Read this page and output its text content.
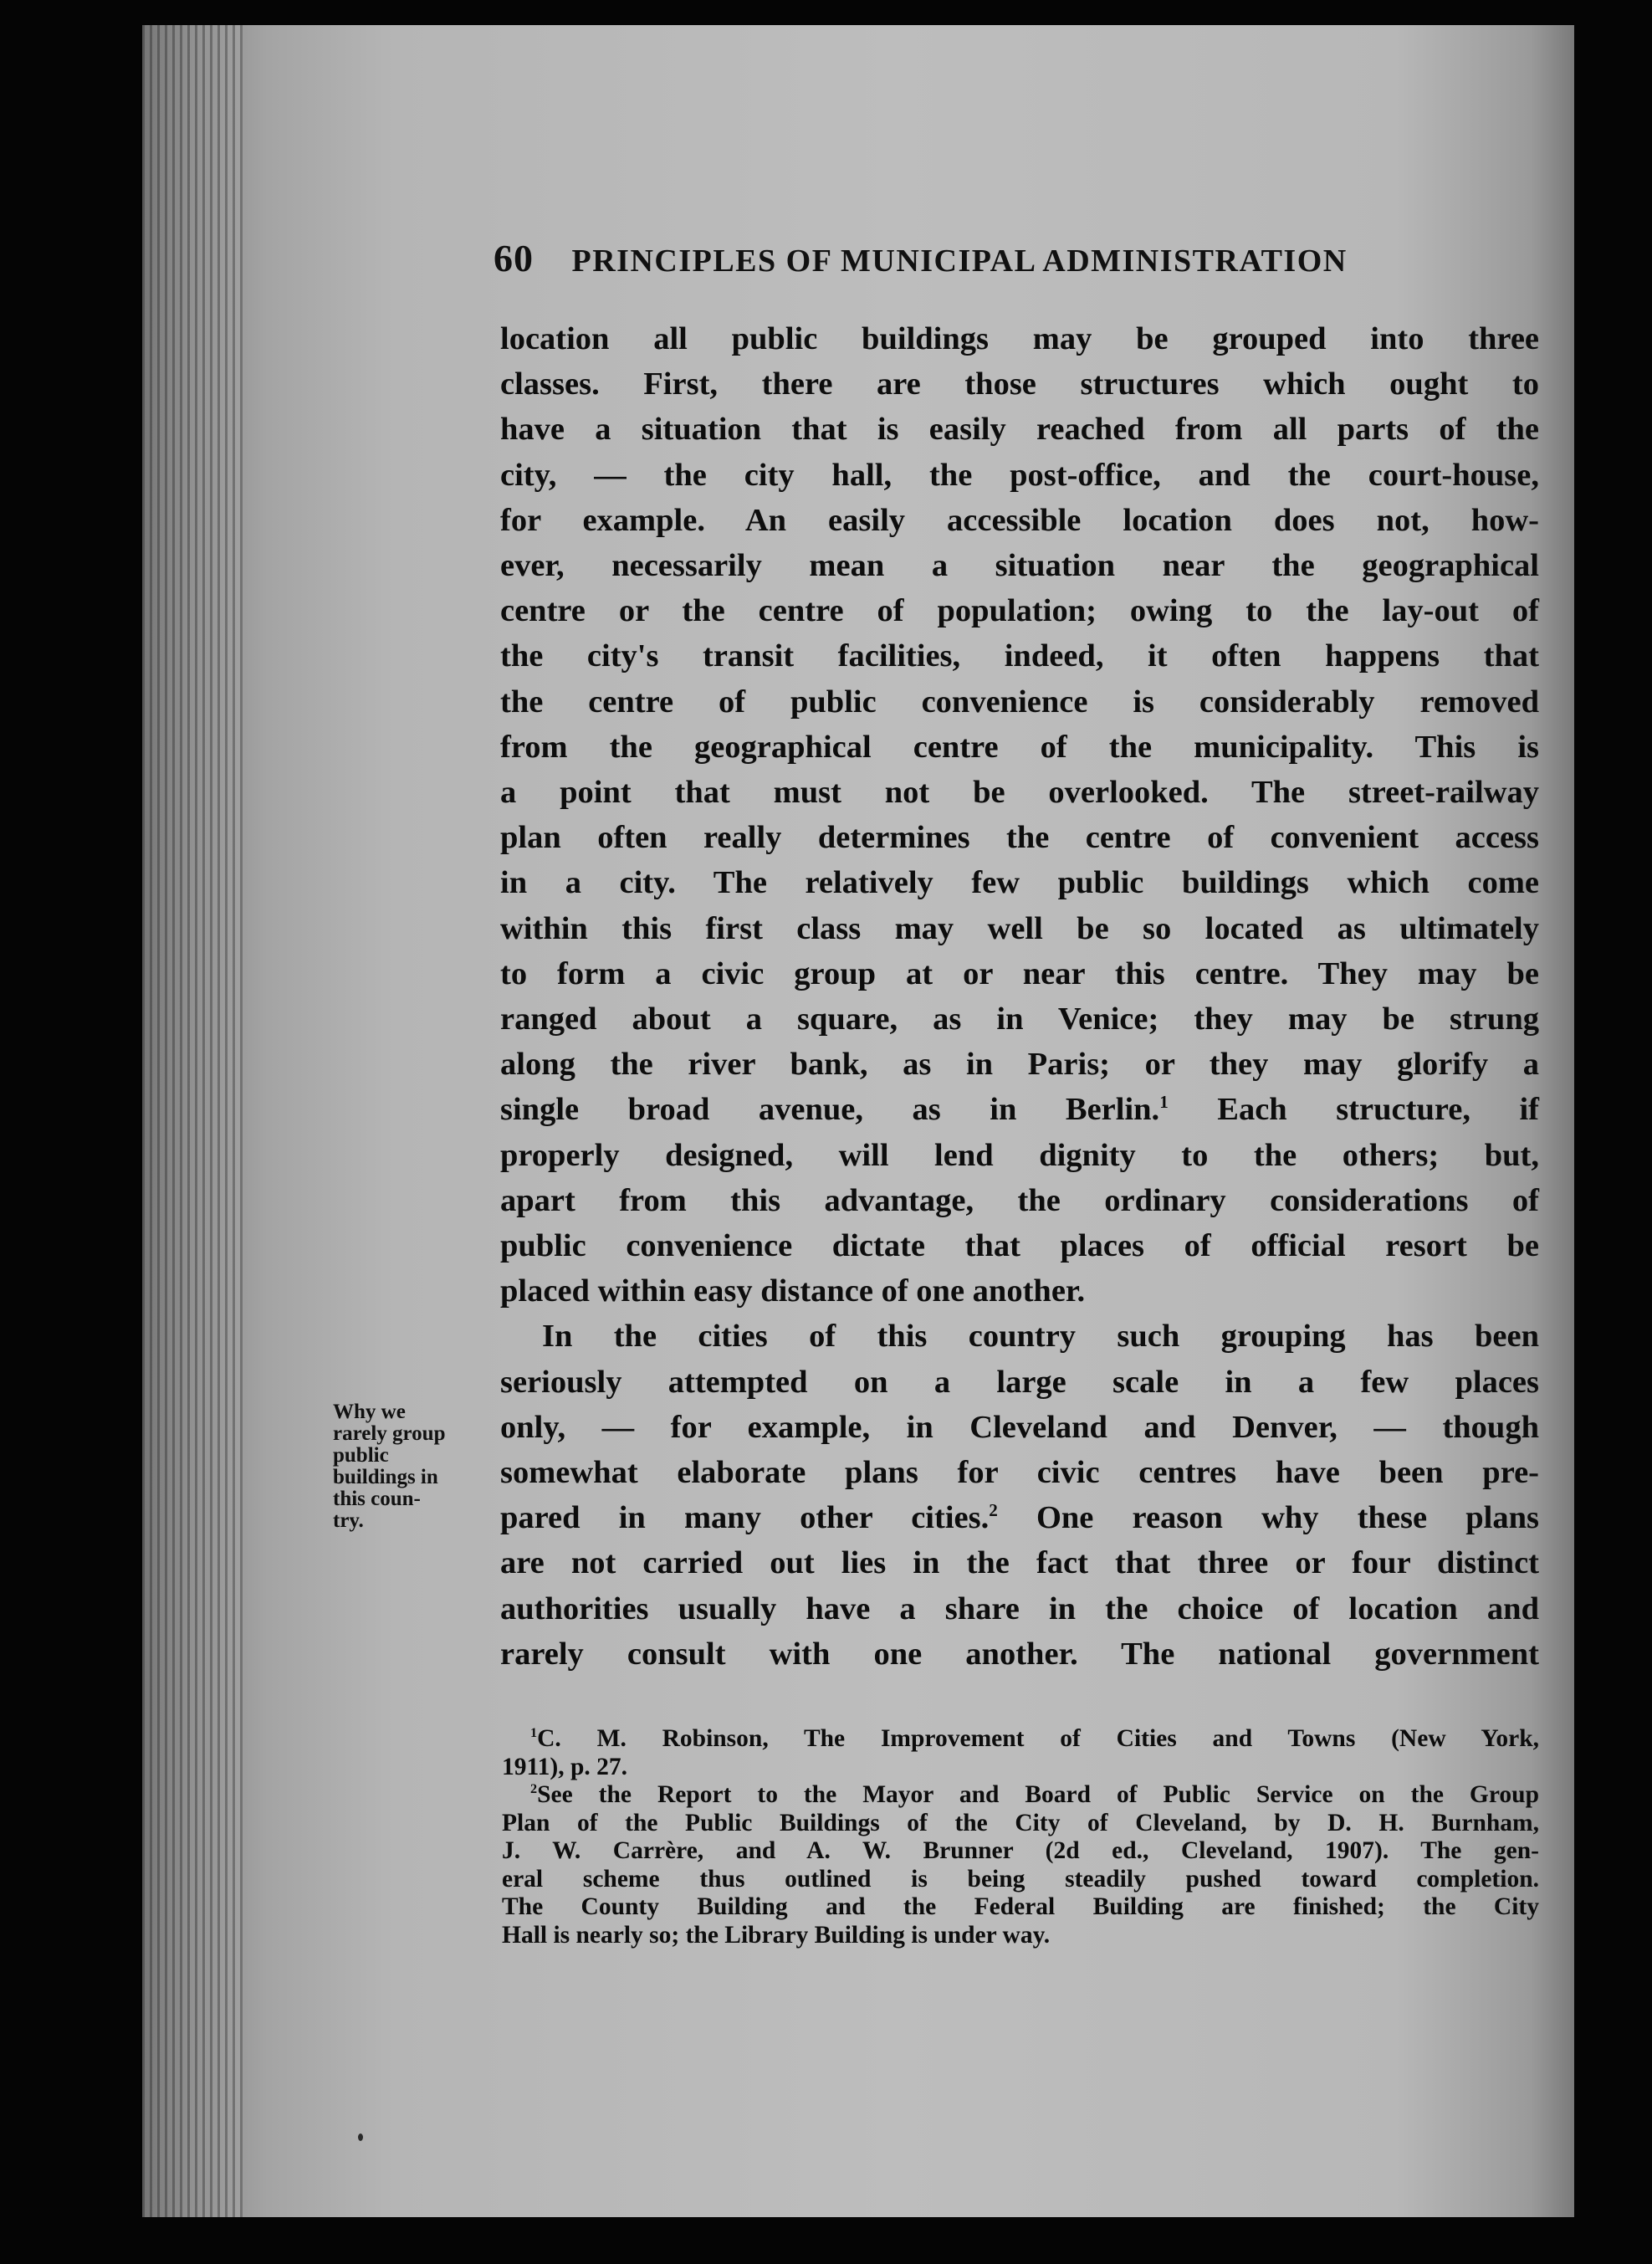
60 PRINCIPLES OF MUNICIPAL ADMINISTRATION
location all public buildings may be grouped into three
classes. First, there are those structures which ought to
have a situation that is easily reached from all parts of the
city, — the city hall, the post-office, and the court-house,
for example. An easily accessible location does not, how-
ever, necessarily mean a situation near the geographical
centre or the centre of population; owing to the lay-out of
the city's transit facilities, indeed, it often happens that
the centre of public convenience is considerably removed
from the geographical centre of the municipality. This is
a point that must not be overlooked. The street-railway
plan often really determines the centre of convenient access
in a city. The relatively few public buildings which come
within this first class may well be so located as ultimately
to form a civic group at or near this centre. They may be
ranged about a square, as in Venice; they may be strung
along the river bank, as in Paris; or they may glorify a
single broad avenue, as in Berlin.$^1$ Each structure, if
properly designed, will lend dignity to the others; but,
apart from this advantage, the ordinary considerations of
public convenience dictate that places of official resort be
placed within easy distance of one another.
In the cities of this country such grouping has been
seriously attempted on a large scale in a few places
only, — for example, in Cleveland and Denver, — though
somewhat elaborate plans for civic centres have been pre-
pared in many other cities.$^2$ One reason why these plans
are not carried out lies in the fact that three or four distinct
authorities usually have a share in the choice of location and
rarely consult with one another. The national government
Why we
rarely group
public
buildings in
this coun-
try.
$^1$C. M. Robinson, The Improvement of Cities and Towns (New York,
1911), p. 27.
$^2$See the Report to the Mayor and Board of Public Service on the Group
Plan of the Public Buildings of the City of Cleveland, by D. H. Burnham,
J. W. Carrère, and A. W. Brunner (2d ed., Cleveland, 1907). The gen-
eral scheme thus outlined is being steadily pushed toward completion.
The County Building and the Federal Building are finished; the City
Hall is nearly so; the Library Building is under way.
